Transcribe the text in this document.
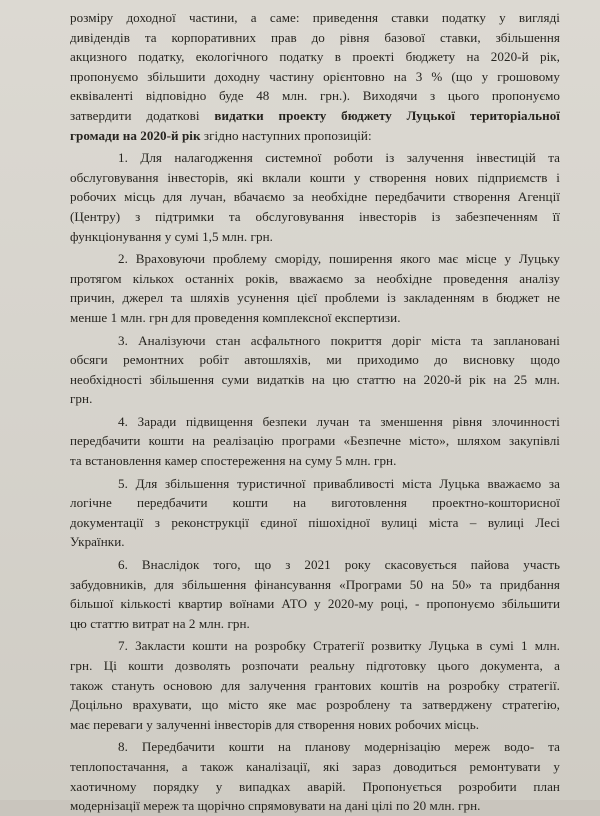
розміру доходної частини, а саме: приведення ставки податку у вигляді
дивідендів та корпоративних прав до рівня базової ставки, збільшення
акцизного податку, екологічного податку в проекті бюджету на 2020-й рік,
пропонуємо збільшити доходну частину орієнтовно на 3 % (що у грошовому
еквіваленті відповідно буде 48 млн. грн.). Виходячи з цього пропонуємо
затвердити додаткові видатки проекту бюджету Луцької територіальної
громади на 2020-й рік згідно наступних пропозицій:
1. Для налагодження системної роботи із залучення інвестицій та
обслуговування інвесторів, які вклали кошти у створення нових підприємств і
робочих місць для лучан, вбачаємо за необхідне передбачити створення Агенції
(Центру) з підтримки та обслуговування інвесторів із забезпеченням її
функціонування у сумі 1,5 млн. грн.
2. Враховуючи проблему сморіду, поширення якого має місце у Луцьку
протягом кількох останніх років, вважаємо за необхідне проведення аналізу
причин, джерел та шляхів усунення цієї проблеми із закладенням в бюджет не
менше 1 млн. грн для проведення комплексної експертизи.
3. Аналізуючи стан асфальтного покриття доріг міста та заплановані
обсяги ремонтних робіт автошляхів, ми приходимо до висновку щодо
необхідності збільшення суми видатків на цю статтю на 2020-й рік на 25 млн.
грн.
4. Заради підвищення безпеки лучан та зменшення рівня злочинності
передбачити кошти на реалізацію програми «Безпечне місто», шляхом закупівлі
та встановлення камер спостереження на суму 5 млн. грн.
5. Для збільшення туристичної привабливості міста Луцька вважаємо за
логічне передбачити кошти на виготовлення проектно-кошторисної
документації з реконструкції єдиної пішохідної вулиці міста – вулиці Лесі
Українки.
6. Внаслідок того, що з 2021 року скасовується пайова участь
забудовників, для збільшення фінансування «Програми 50 на 50» та придбання
більшої кількості квартир воїнами АТО у 2020-му році, - пропонуємо збільшити
цю статтю витрат на 2 млн. грн.
7. Закласти кошти на розробку Стратегії розвитку Луцька в сумі 1 млн.
грн. Ці кошти дозволять розпочати реальну підготовку цього документа, а
також стануть основою для залучення грантових коштів на розробку стратегії.
Доцільно врахувати, що місто яке має розроблену та затверджену стратегію,
має переваги у залученні інвесторів для створення нових робочих місць.
8. Передбачити кошти на планову модернізацію мереж водо- та
теплопостачання, а також каналізації, які зараз доводиться ремонтувати у
хаотичному порядку у випадках аварій. Пропонується розробити план
модернізації мереж та щорічно спрямовувати на дані цілі по 20 млн. грн.
